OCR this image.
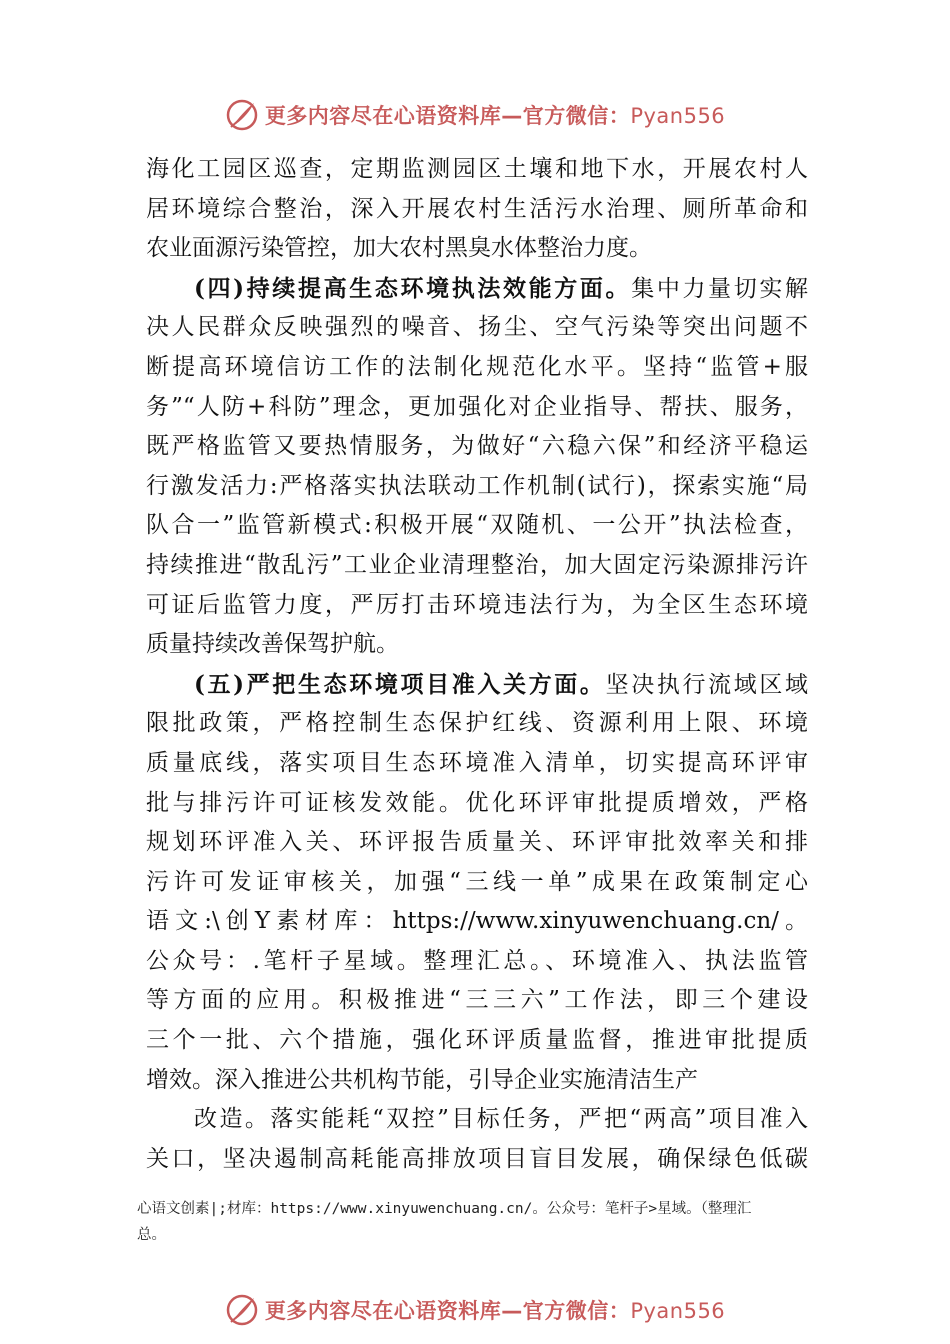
更多内容尽在心语资料库—官方微信：Pyan556
海化工园区巡查，定期监测园区土壤和地下水，开展农村人
居环境综合整治，深入开展农村生活污水治理、厕所革命和
农业面源污染管控，加大农村黑臭水体整治力度。
(四)持续提高生态环境执法效能方面。集中力量切实解
决人民群众反映强烈的噪音、扬尘、空气污染等突出问题不
断提高环境信访工作的法制化规范化水平。坚持“监管+服
务”“人防+科防”理念，更加强化对企业指导、帮扶、服务，
既严格监管又要热情服务，为做好“六稳六保”和经济平稳运
行激发活力:严格落实执法联动工作机制(试行)，探索实施“局
队合一”监管新模式:积极开展“双随机、一公开”执法检查，
持续推进“散乱污”工业企业清理整治，加大固定污染源排污许
可证后监管力度，严厉打击环境违法行为，为全区生态环境
质量持续改善保驾护航。
(五)严把生态环境项目准入关方面。坚决执行流域区域
限批政策，严格控制生态保护红线、资源利用上限、环境
质量底线，落实项目生态环境准入清单，切实提高环评审
批与排污许可证核发效能。优化环评审批提质增效，严格
规划环评准入关、环评报告质量关、环评审批效率关和排
污许可发证审核关，加强“三线一单”成果在政策制定心
语文:\创Y素材库：https://www.xinyuwenchuang.cn/。
公众号：.笔杆子星域。整理汇总。、环境准入、执法监管
等方面的应用。积极推进“三三六”工作法，即三个建设
三个一批、六个措施，强化环评质量监督，推进审批提质
增效。深入推进公共机构节能，引导企业实施清洁生产
改造。落实能耗“双控”目标任务，严把“两高”项目准入
关口，坚决遏制高耗能高排放项目盲目发展，确保绿色低碳
心语文创素|;材库：https://www.xinyuwenchuang.cn/。公众号：笔杆子>星域。（整理汇
总。
更多内容尽在心语资料库—官方微信：Pyan556
